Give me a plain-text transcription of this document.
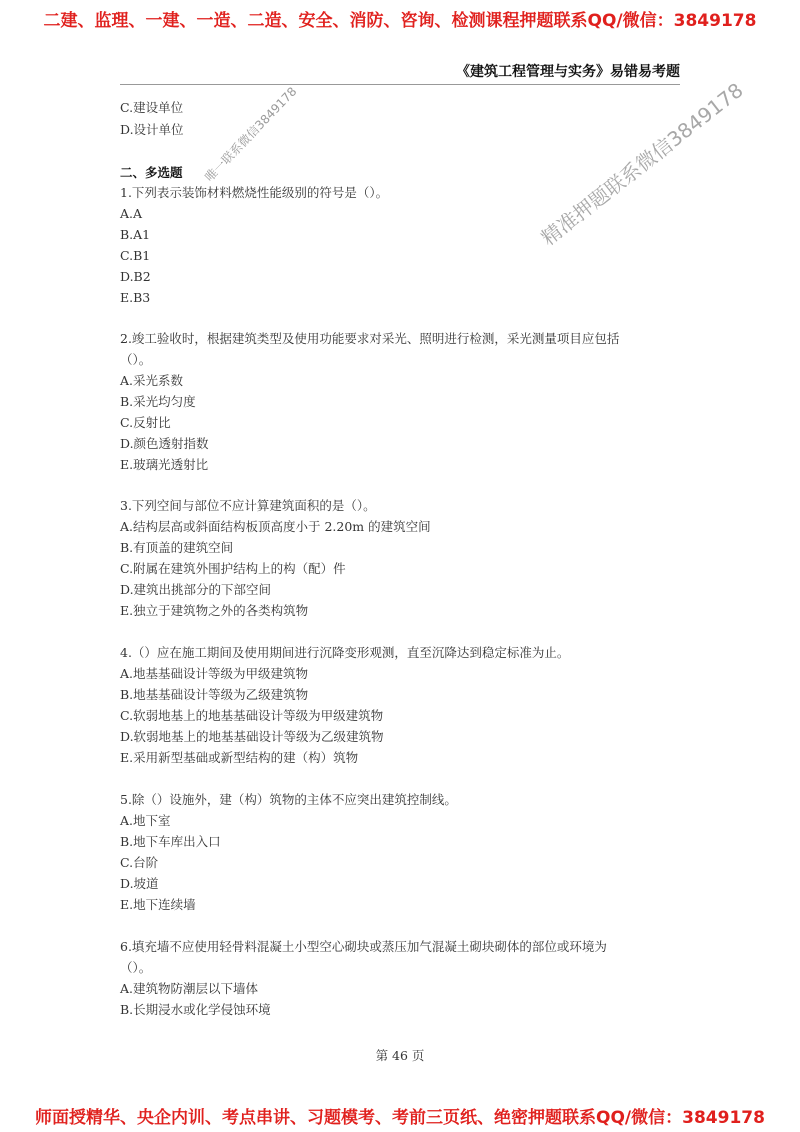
二建、监理、一建、一造、二造、安全、消防、咨询、检测课程押题联系QQ/微信：3849178
《建筑工程管理与实务》易错易考题
唯一联系微信3849178	精准押题联系微信3849178
C.建设单位
D.设计单位
二、多选题
1.下列表示装饰材料燃烧性能级别的符号是（）。
A.A
B.A1
C.B1
D.B2
E.B3
2.竣工验收时，根据建筑类型及使用功能要求对采光、照明进行检测，采光测量项目应包括
（）。
A.采光系数
B.采光均匀度
C.反射比
D.颜色透射指数
E.玻璃光透射比
3.下列空间与部位不应计算建筑面积的是（）。
A.结构层高或斜面结构板顶高度小于 2.20m 的建筑空间
B.有顶盖的建筑空间
C.附属在建筑外围护结构上的构（配）件
D.建筑出挑部分的下部空间
E.独立于建筑物之外的各类构筑物
4.（）应在施工期间及使用期间进行沉降变形观测，直至沉降达到稳定标准为止。
A.地基基础设计等级为甲级建筑物
B.地基基础设计等级为乙级建筑物
C.软弱地基上的地基基础设计等级为甲级建筑物
D.软弱地基上的地基基础设计等级为乙级建筑物
E.采用新型基础或新型结构的建（构）筑物
5.除（）设施外，建（构）筑物的主体不应突出建筑控制线。
A.地下室
B.地下车库出入口
C.台阶
D.坡道
E.地下连续墙
6.填充墙不应使用轻骨料混凝土小型空心砌块或蒸压加气混凝土砌块砌体的部位或环境为
（）。
A.建筑物防潮层以下墙体
B.长期浸水或化学侵蚀环境
第 46 页
师面授精华、央企内训、考点串讲、习题模考、考前三页纸、绝密押题联系QQ/微信：3849178
